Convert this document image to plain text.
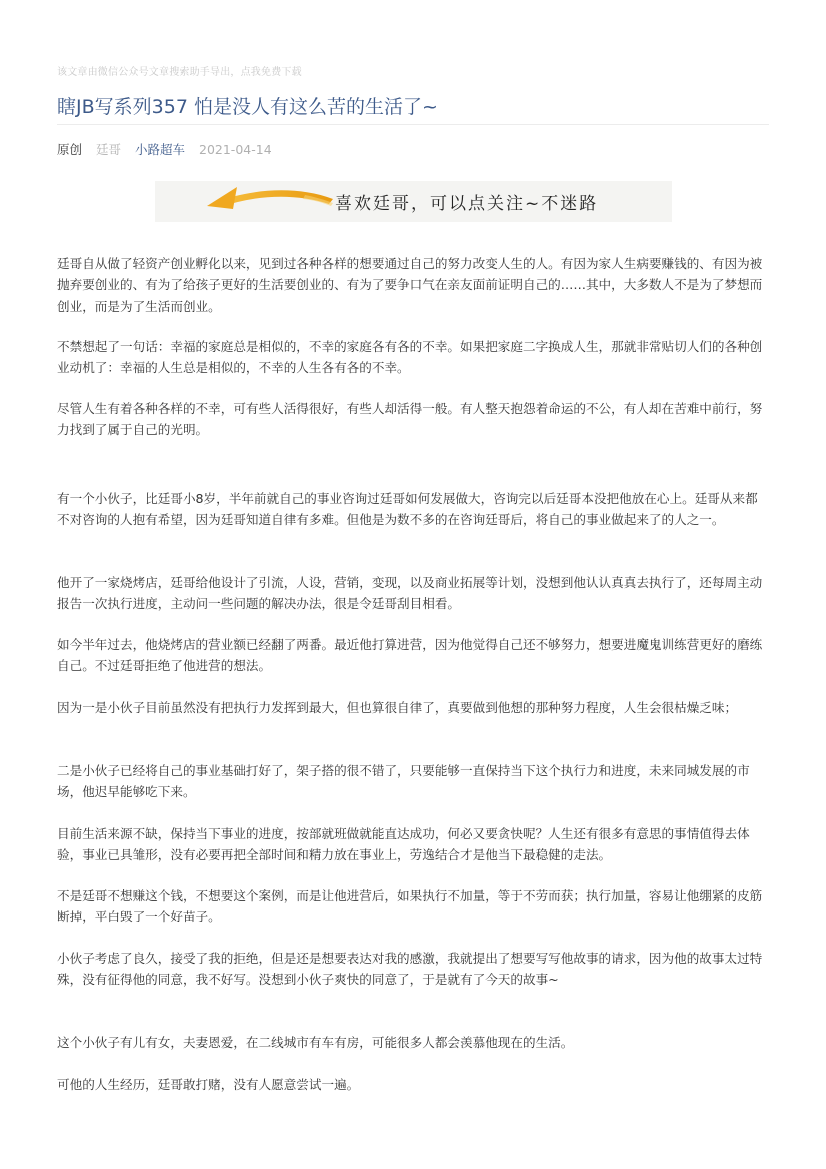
该文章由微信公众号文章搜索助手导出，点我免费下载
瞎JB写系列357 怕是没人有这么苦的生活了~
原创 廷哥 小路超车 2021-04-14
喜欢廷哥，可以点关注~不迷路

廷哥自从做了轻资产创业孵化以来，见到过各种各样的想要通过自己的努力改变人生的人。有因为家人生病要赚钱的、有因为被抛弃要创业的、有为了给孩子更好的生活要创业的、有为了要争口气在亲友面前证明自己的……其中，大多数人不是为了梦想而创业，而是为了生活而创业。

不禁想起了一句话：幸福的家庭总是相似的，不幸的家庭各有各的不幸。如果把家庭二字换成人生，那就非常贴切人们的各种创业动机了：幸福的人生总是相似的，不幸的人生各有各的不幸。

尽管人生有着各种各样的不幸，可有些人活得很好，有些人却活得一般。有人整天抱怨着命运的不公，有人却在苦难中前行，努力找到了属于自己的光明。

有一个小伙子，比廷哥小8岁，半年前就自己的事业咨询过廷哥如何发展做大，咨询完以后廷哥本没把他放在心上。廷哥从来都不对咨询的人抱有希望，因为廷哥知道自律有多难。但他是为数不多的在咨询廷哥后，将自己的事业做起来了的人之一。

他开了一家烧烤店，廷哥给他设计了引流，人设，营销，变现，以及商业拓展等计划，没想到他认认真真去执行了，还每周主动报告一次执行进度，主动问一些问题的解决办法，很是令廷哥刮目相看。

如今半年过去，他烧烤店的营业额已经翻了两番。最近他打算进营，因为他觉得自己还不够努力，想要进魔鬼训练营更好的磨练自己。不过廷哥拒绝了他进营的想法。

因为一是小伙子目前虽然没有把执行力发挥到最大，但也算很自律了，真要做到他想的那种努力程度，人生会很枯燥乏味；

二是小伙子已经将自己的事业基础打好了，架子搭的很不错了，只要能够一直保持当下这个执行力和进度，未来同城发展的市场，他迟早能够吃下来。

目前生活来源不缺，保持当下事业的进度，按部就班做就能直达成功，何必又要贪快呢？人生还有很多有意思的事情值得去体验，事业已具雏形，没有必要再把全部时间和精力放在事业上，劳逸结合才是他当下最稳健的走法。

不是廷哥不想赚这个钱，不想要这个案例，而是让他进营后，如果执行不加量，等于不劳而获；执行加量，容易让他绷紧的皮筋断掉，平白毁了一个好苗子。

小伙子考虑了良久，接受了我的拒绝，但是还是想要表达对我的感激，我就提出了想要写写他故事的请求，因为他的故事太过特殊，没有征得他的同意，我不好写。没想到小伙子爽快的同意了，于是就有了今天的故事~

这个小伙子有儿有女，夫妻恩爱，在二线城市有车有房，可能很多人都会羡慕他现在的生活。

可他的人生经历，廷哥敢打赌，没有人愿意尝试一遍。
